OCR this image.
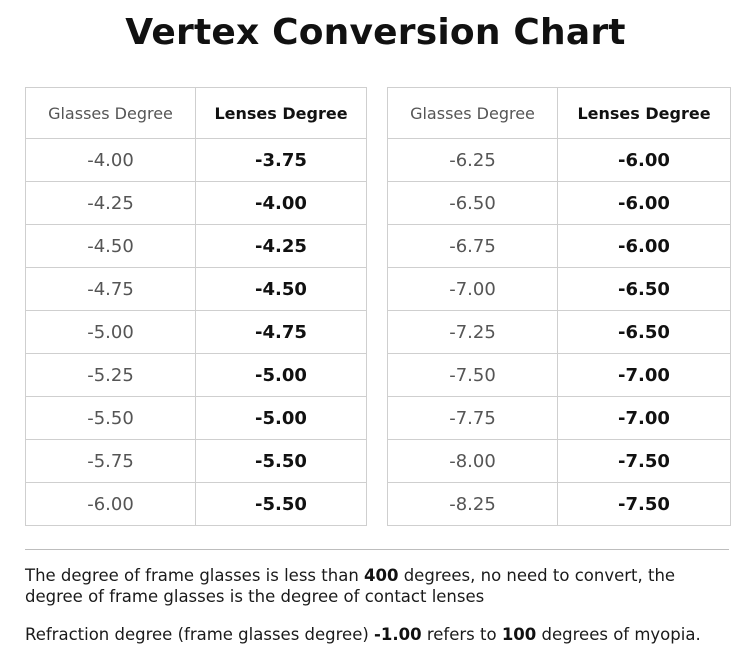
Vertex Conversion Chart
Glasses Degree	Lenses Degree
-4.00	-3.75
-4.25	-4.00
-4.50	-4.25
-4.75	-4.50
-5.00	-4.75
-5.25	-5.00
-5.50	-5.00
-5.75	-5.50
-6.00	-5.50
Glasses Degree	Lenses Degree
-6.25	-6.00
-6.50	-6.00
-6.75	-6.00
-7.00	-6.50
-7.25	-6.50
-7.50	-7.00
-7.75	-7.00
-8.00	-7.50
-8.25	-7.50
The degree of frame glasses is less than 400 degrees, no need to convert, the degree of frame glasses is the degree of contact lenses
Refraction degree (frame glasses degree) -1.00 refers to 100 degrees of myopia.
